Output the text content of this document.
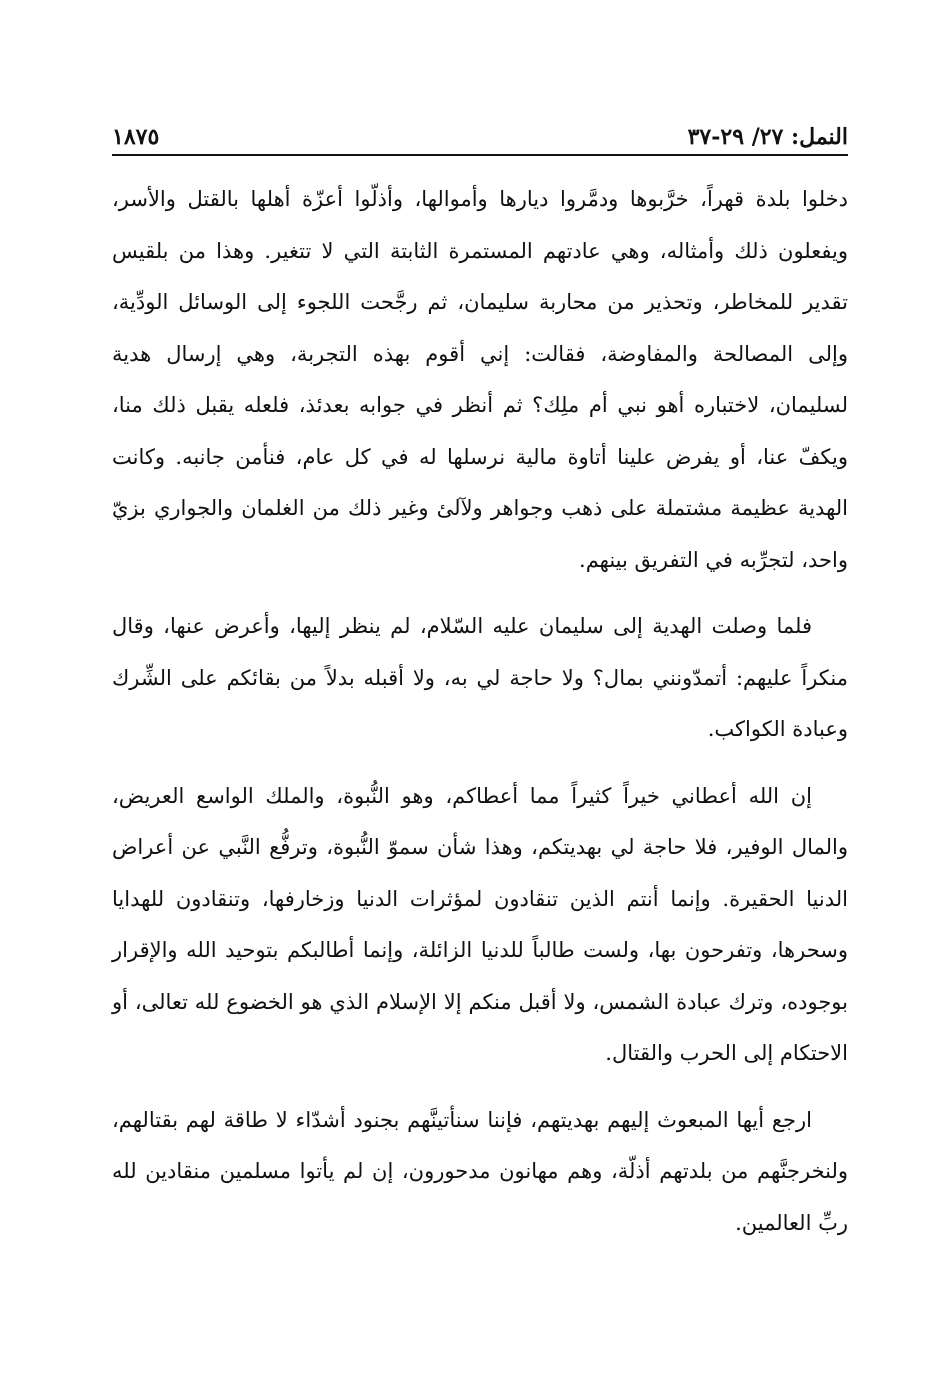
النمل: ٢٧/ ٢٩-٣٧
١٨٧٥

دخلوا بلدة قهراً، خرَّبوها ودمَّروا ديارها وأموالها، وأذلّوا أعزّة أهلها بالقتل والأسر، ويفعلون ذلك وأمثاله، وهي عادتهم المستمرة الثابتة التي لا تتغير. وهذا من بلقيس تقدير للمخاطر، وتحذير من محاربة سليمان، ثم رجَّحت اللجوء إلى الوسائل الودِّية، وإلى المصالحة والمفاوضة، فقالت: إني أقوم بهذه التجربة، وهي إرسال هدية لسليمان، لاختباره أهو نبي أم ملِك؟ ثم أنظر في جوابه بعدئذ، فلعله يقبل ذلك منا، ويكفّ عنا، أو يفرض علينا أتاوة مالية نرسلها له في كل عام، فنأمن جانبه. وكانت الهدية عظيمة مشتملة على ذهب وجواهر ولآلئ وغير ذلك من الغلمان والجواري بزيّ واحد، لتجرِّبه في التفريق بينهم.

فلما وصلت الهدية إلى سليمان عليه السّلام، لم ينظر إليها، وأعرض عنها، وقال منكراً عليهم: أتمدّونني بمال؟ ولا حاجة لي به، ولا أقبله بدلاً من بقائكم على الشِّرك وعبادة الكواكب.

إن الله أعطاني خيراً كثيراً مما أعطاكم، وهو النُّبوة، والملك الواسع العريض، والمال الوفير، فلا حاجة لي بهديتكم، وهذا شأن سموّ النُّبوة، وترفُّع النَّبي عن أعراض الدنيا الحقيرة. وإنما أنتم الذين تنقادون لمؤثرات الدنيا وزخارفها، وتنقادون للهدايا وسحرها، وتفرحون بها، ولست طالباً للدنيا الزائلة، وإنما أطالبكم بتوحيد الله والإقرار بوجوده، وترك عبادة الشمس، ولا أقبل منكم إلا الإسلام الذي هو الخضوع لله تعالى، أو الاحتكام إلى الحرب والقتال.

ارجع أيها المبعوث إليهم بهديتهم، فإننا سنأتينَّهم بجنود أشدّاء لا طاقة لهم بقتالهم، ولنخرجنَّهم من بلدتهم أذلّة، وهم مهانون مدحورون، إن لم يأتوا مسلمين منقادين لله ربِّ العالمين.
